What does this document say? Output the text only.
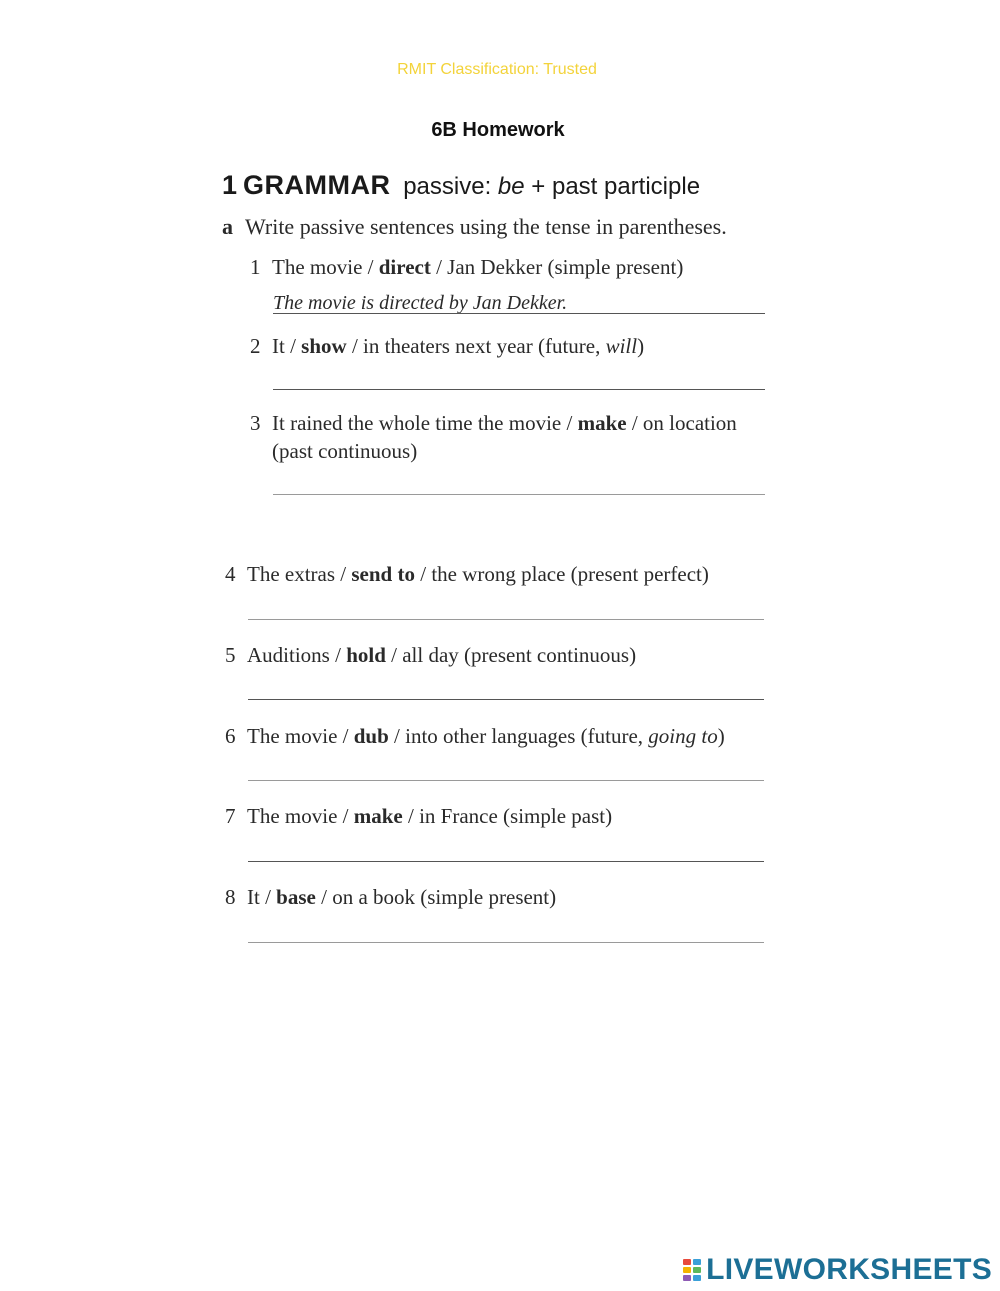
RMIT Classification: Trusted
6B Homework
1 GRAMMAR passive: be + past participle
a Write passive sentences using the tense in parentheses.
1 The movie / direct / Jan Dekker (simple present)
The movie is directed by Jan Dekker.
2 It / show / in theaters next year (future, will)
3 It rained the whole time the movie / make / on location
(past continuous)
4 The extras / send to / the wrong place (present perfect)
5 Auditions / hold / all day (present continuous)
6 The movie / dub / into other languages (future, going to)
7 The movie / make / in France (simple past)
8 It / base / on a book (simple present)
LIVEWORKSHEETS
